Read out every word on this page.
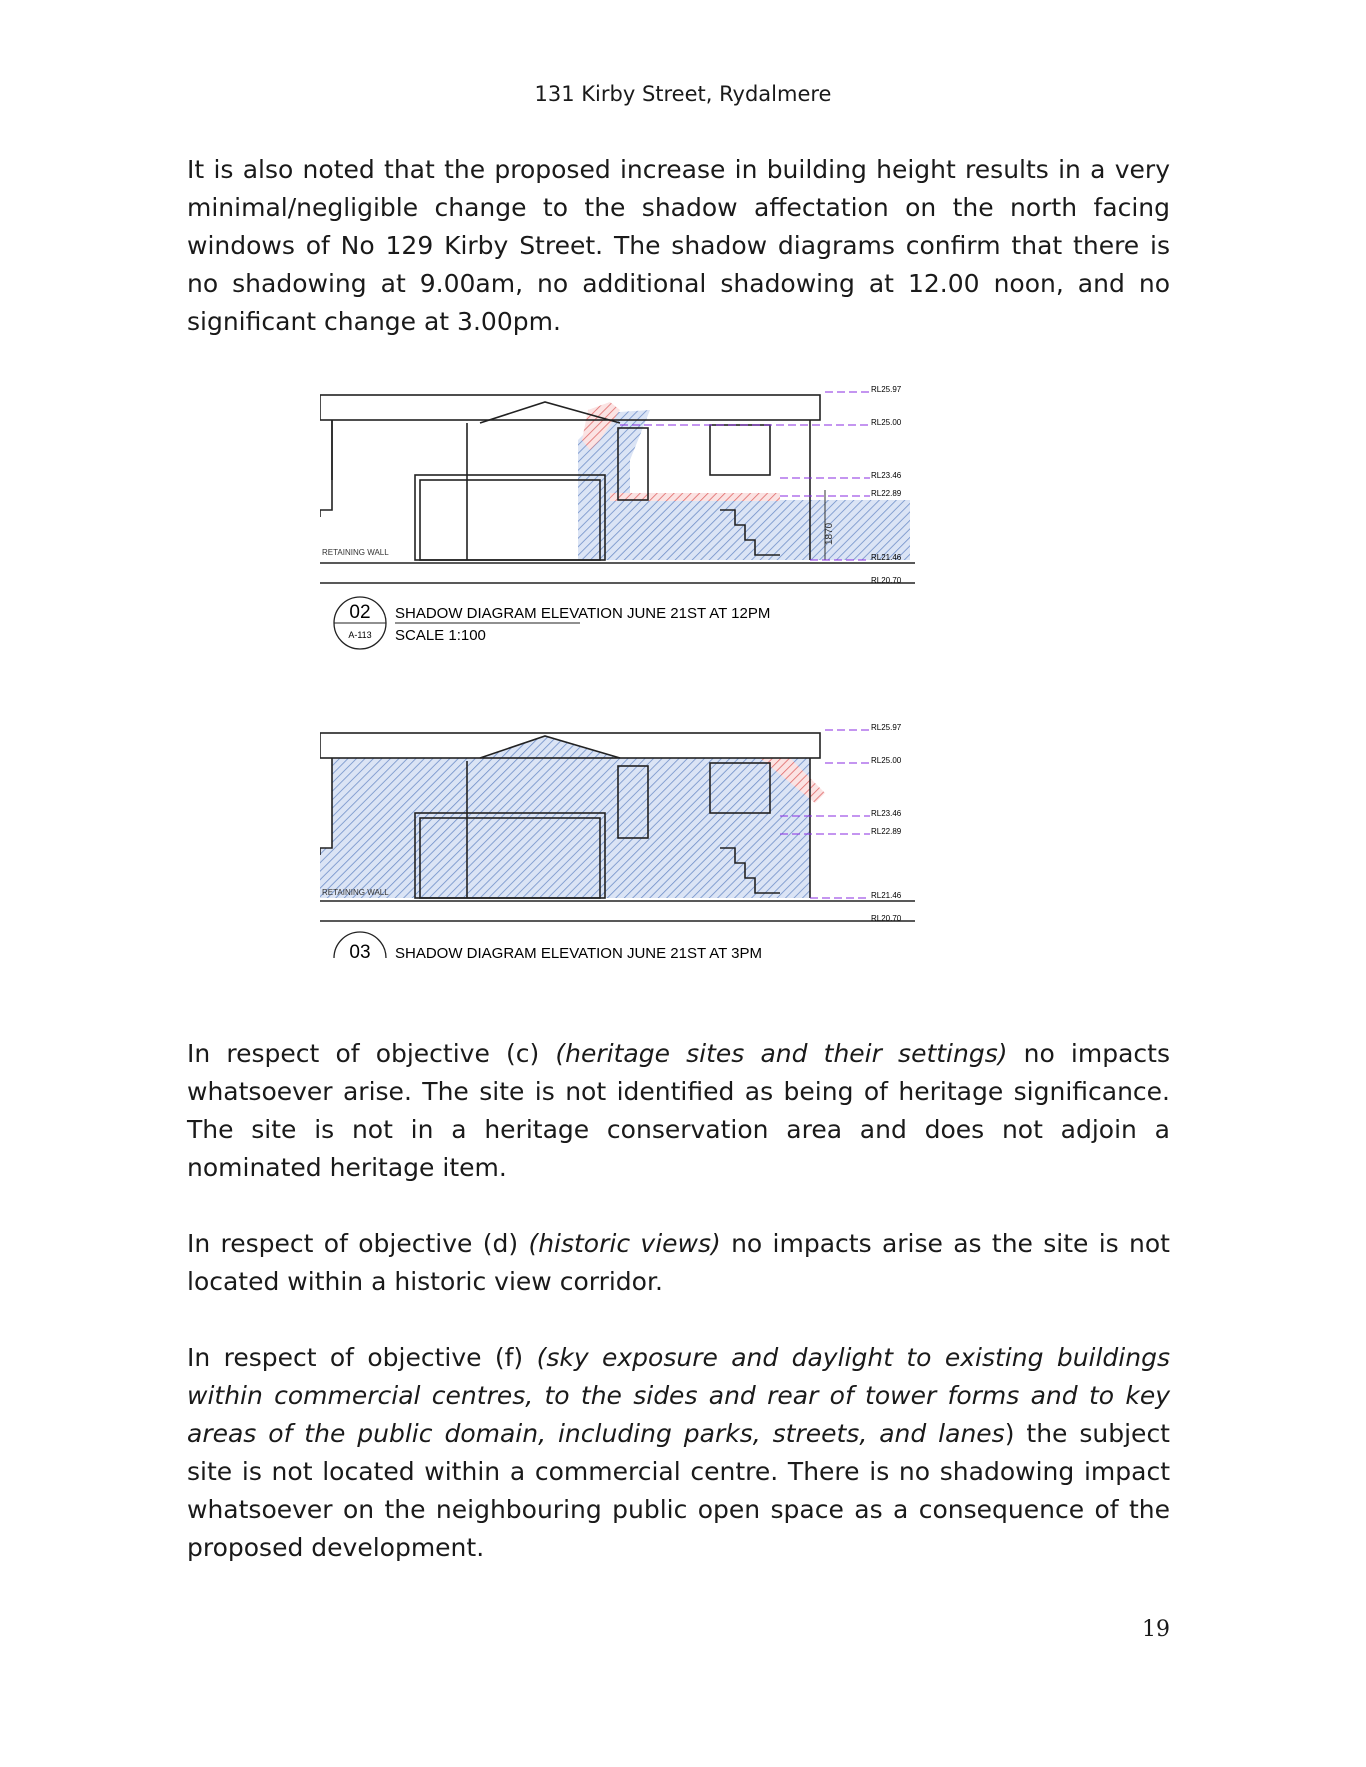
131 Kirby Street, Rydalmere

It is also noted that the proposed increase in building height results in a very minimal/negligible change to the shadow affectation on the north facing windows of No 129 Kirby Street. The shadow diagrams confirm that there is no shadowing at 9.00am, no additional shadowing at 12.00 noon, and no significant change at 3.00pm.

RETAINING WALL
1870
RL25.97
RL25.00
RL23.46
RL22.89
RL21.46
RL20.70
02
A-113
SHADOW DIAGRAM ELEVATION JUNE 21ST AT 12PM
SCALE 1:100
RETAINING WALL
RL25.97
RL25.00
RL23.46
RL22.89
RL21.46
RL20.70
03 SHADOW DIAGRAM ELEVATION JUNE 21ST AT 3PM

In respect of objective (c) (heritage sites and their settings) no impacts whatsoever arise. The site is not identified as being of heritage significance. The site is not in a heritage conservation area and does not adjoin a nominated heritage item.

In respect of objective (d) (historic views) no impacts arise as the site is not located within a historic view corridor.

In respect of objective (f) (sky exposure and daylight to existing buildings within commercial centres, to the sides and rear of tower forms and to key areas of the public domain, including parks, streets, and lanes) the subject site is not located within a commercial centre. There is no shadowing impact whatsoever on the neighbouring public open space as a consequence of the proposed development.

19
